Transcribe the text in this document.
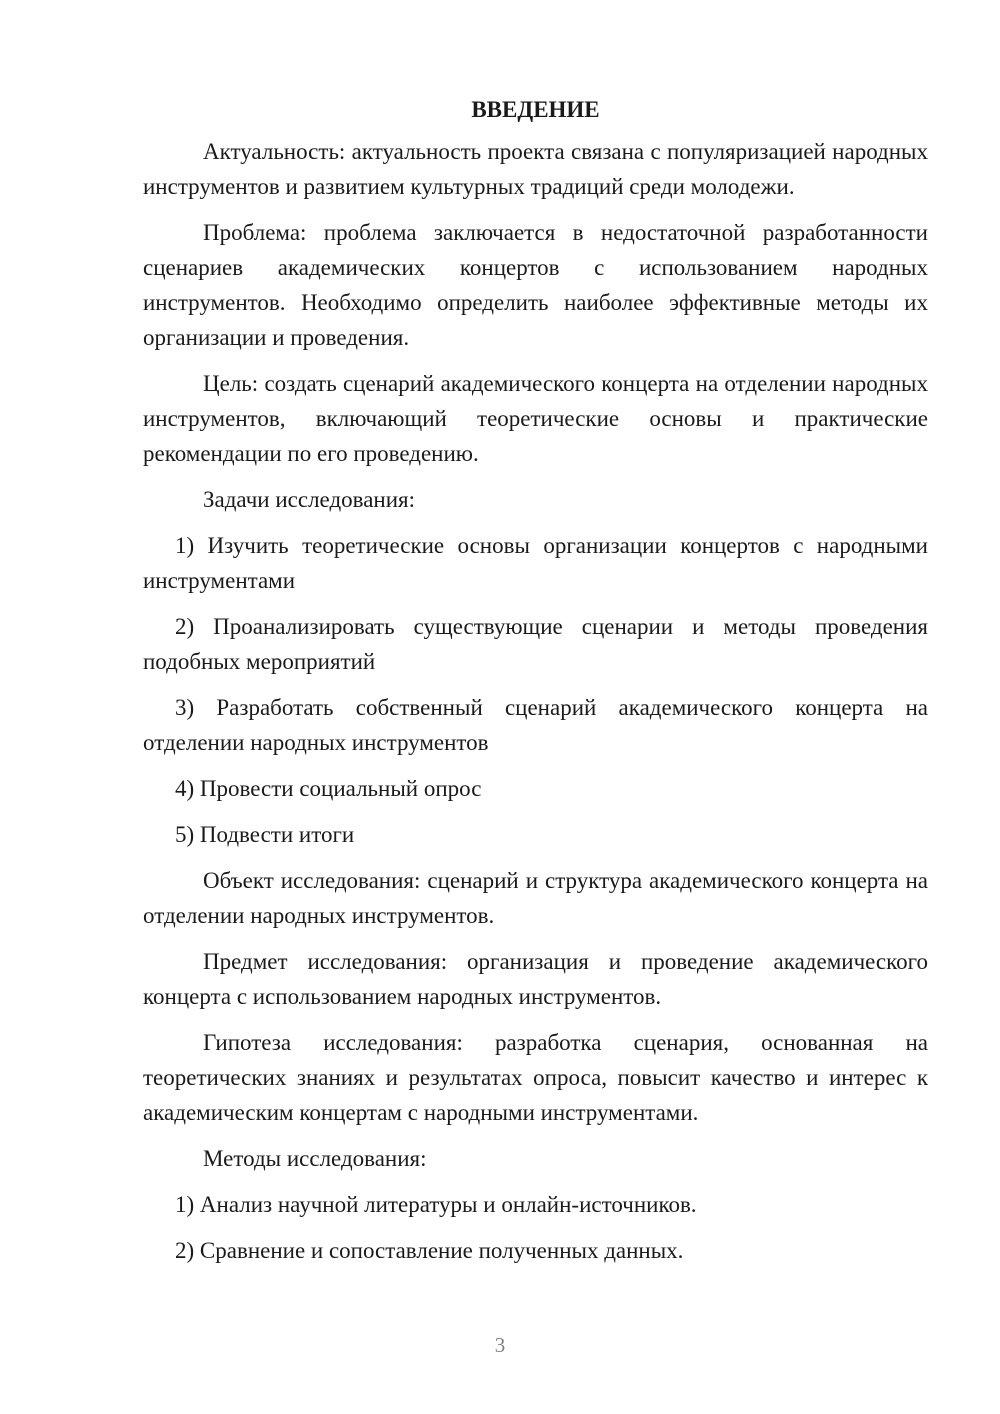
ВВЕДЕНИЕ

Актуальность: актуальность проекта связана с популяризацией народных инструментов и развитием культурных традиций среди молодежи.

Проблема: проблема заключается в недостаточной разработанности сценариев академических концертов с использованием народных инструментов. Необходимо определить наиболее эффективные методы их организации и проведения.

Цель: создать сценарий академического концерта на отделении народных инструментов, включающий теоретические основы и практические рекомендации по его проведению.

Задачи исследования:

1) Изучить теоретические основы организации концертов с народными инструментами

2) Проанализировать существующие сценарии и методы проведения подобных мероприятий

3) Разработать собственный сценарий академического концерта на отделении народных инструментов

4) Провести социальный опрос

5) Подвести итоги

Объект исследования: сценарий и структура академического концерта на отделении народных инструментов.

Предмет исследования: организация и проведение академического концерта с использованием народных инструментов.

Гипотеза исследования: разработка сценария, основанная на теоретических знаниях и результатах опроса, повысит качество и интерес к академическим концертам с народными инструментами.

Методы исследования:

1) Анализ научной литературы и онлайн-источников.

2) Сравнение и сопоставление полученных данных.

3
